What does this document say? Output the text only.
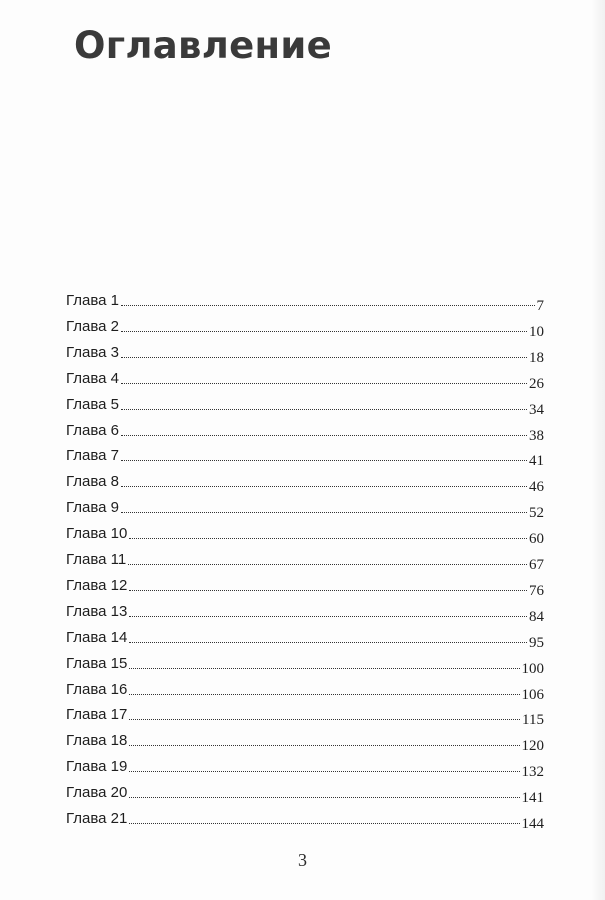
Оглавление
Глава 1	7
Глава 2	10
Глава 3	18
Глава 4	26
Глава 5	34
Глава 6	38
Глава 7	41
Глава 8	46
Глава 9	52
Глава 10	60
Глава 11	67
Глава 12	76
Глава 13	84
Глава 14	95
Глава 15	100
Глава 16	106
Глава 17	115
Глава 18	120
Глава 19	132
Глава 20	141
Глава 21	144
3
